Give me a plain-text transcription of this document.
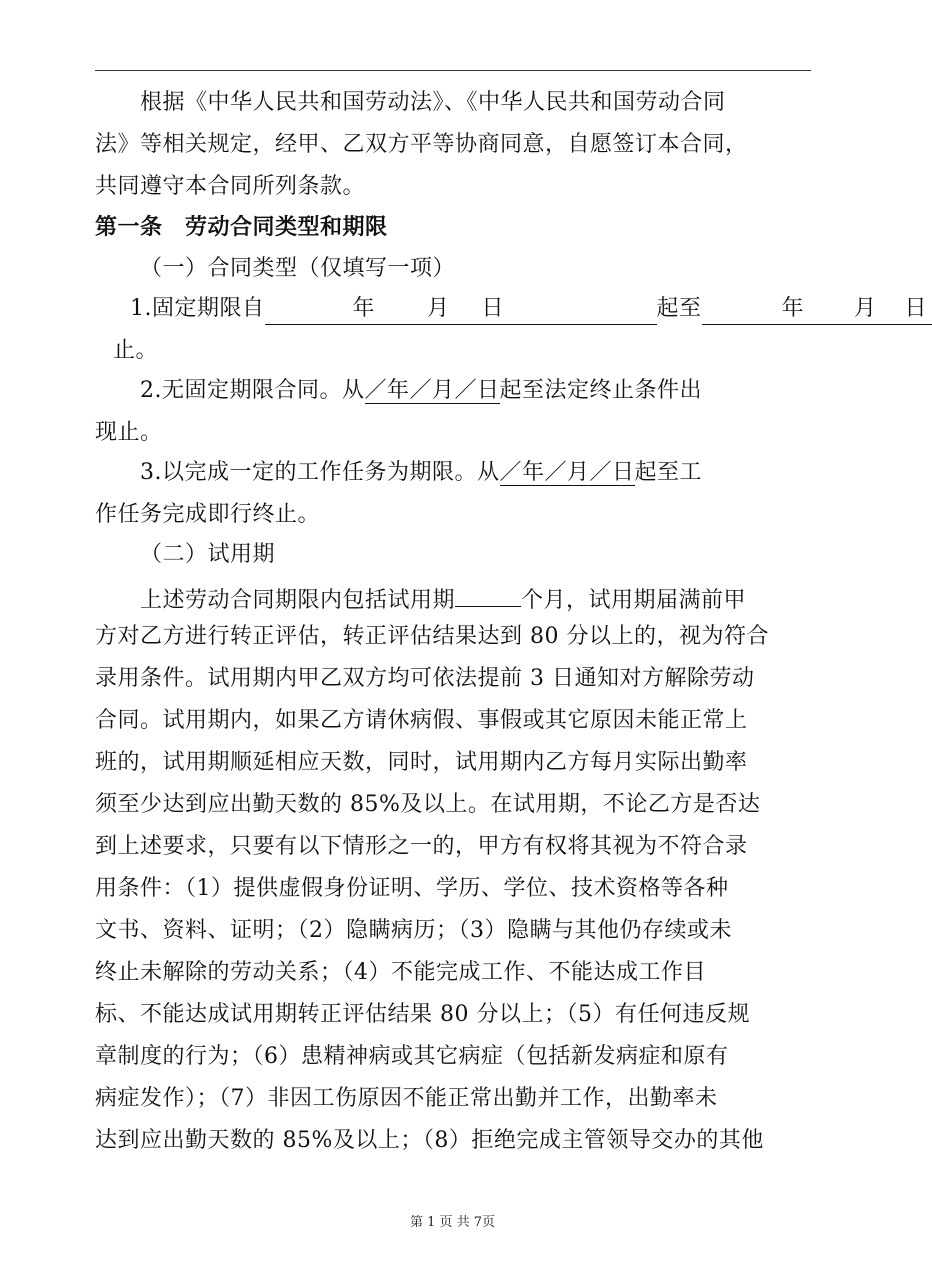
根据《中华人民共和国劳动法》、《中华人民共和国劳动合同
法》等相关规定，经甲、乙双方平等协商同意，自愿签订本合同，
共同遵守本合同所列条款。
第一条　劳动合同类型和期限
（一）合同类型（仅填写一项）
1.固定期限自	年 月 日	起至	年 月 日
止。
2.无固定期限合同。从／年／月／日起至法定终止条件出
现止。
3.以完成一定的工作任务为期限。从／年／月／日起至工
作任务完成即行终止。
（二）试用期
上述劳动合同期限内包括试用期	个月，试用期届满前甲
方对乙方进行转正评估，转正评估结果达到 80 分以上的，视为符合
录用条件。试用期内甲乙双方均可依法提前 3 日通知对方解除劳动
合同。试用期内，如果乙方请休病假、事假或其它原因未能正常上
班的，试用期顺延相应天数，同时，试用期内乙方每月实际出勤率
须至少达到应出勤天数的 85%及以上。在试用期，不论乙方是否达
到上述要求，只要有以下情形之一的，甲方有权将其视为不符合录
用条件：（1）提供虚假身份证明、学历、学位、技术资格等各种
文书、资料、证明；（2）隐瞒病历；（3）隐瞒与其他仍存续或未
终止未解除的劳动关系；（4）不能完成工作、不能达成工作目
标、不能达成试用期转正评估结果 80 分以上；（5）有任何违反规
章制度的行为；（6）患精神病或其它病症（包括新发病症和原有
病症发作）；（7）非因工伤原因不能正常出勤并工作，出勤率未
达到应出勤天数的 85%及以上；（8）拒绝完成主管领导交办的其他
第 1 页 共 7页
